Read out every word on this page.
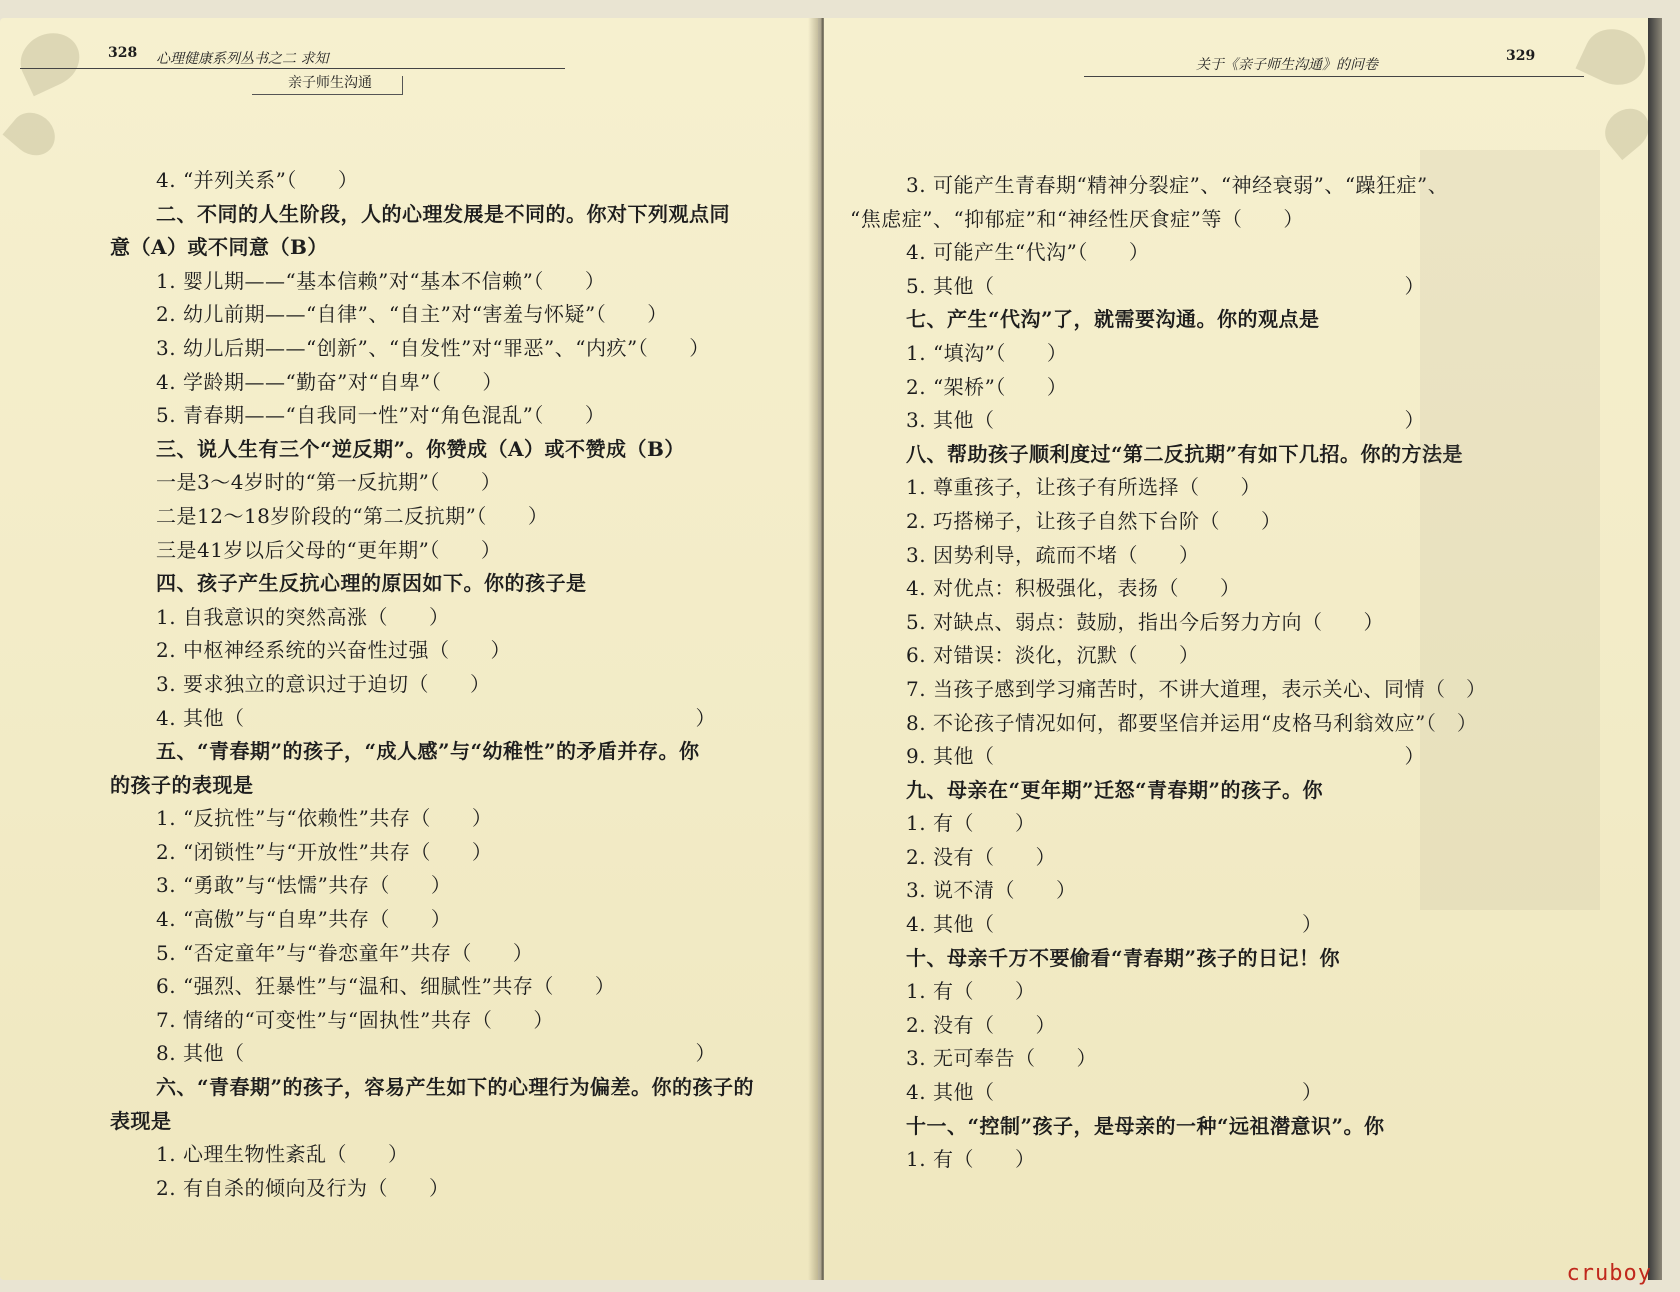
328 心理健康系列丛书之二 求知
亲子师生沟通
4. “并列关系”（　　）
二、不同的人生阶段，人的心理发展是不同的。你对下列观点同
意（A）或不同意（B）
1. 婴儿期——“基本信赖”对“基本不信赖”（　　）
2. 幼儿前期——“自律”、“自主”对“害羞与怀疑”（　　）
3. 幼儿后期——“创新”、“自发性”对“罪恶”、“内疚”（　　）
4. 学龄期——“勤奋”对“自卑”（　　）
5. 青春期——“自我同一性”对“角色混乱”（　　）
三、说人生有三个“逆反期”。你赞成（A）或不赞成（B）
一是3～4岁时的“第一反抗期”（　　）
二是12～18岁阶段的“第二反抗期”（　　）
三是41岁以后父母的“更年期”（　　）
四、孩子产生反抗心理的原因如下。你的孩子是
1. 自我意识的突然高涨（　　）
2. 中枢神经系统的兴奋性过强（　　）
3. 要求独立的意识过于迫切（　　）
4. 其他（　　　　　　　　　　　　　　　　　　　　　　）
五、“青春期”的孩子，“成人感”与“幼稚性”的矛盾并存。你
的孩子的表现是
1. “反抗性”与“依赖性”共存（　　）
2. “闭锁性”与“开放性”共存（　　）
3. “勇敢”与“怯懦”共存（　　）
4. “高傲”与“自卑”共存（　　）
5. “否定童年”与“眷恋童年”共存（　　）
6. “强烈、狂暴性”与“温和、细腻性”共存（　　）
7. 情绪的“可变性”与“固执性”共存（　　）
8. 其他（　　　　　　　　　　　　　　　　　　　　　　）
六、“青春期”的孩子，容易产生如下的心理行为偏差。你的孩子的
表现是
1. 心理生物性紊乱（　　）
2. 有自杀的倾向及行为（　　）
关于《亲子师生沟通》的问卷
329
3. 可能产生青春期“精神分裂症”、“神经衰弱”、“躁狂症”、
“焦虑症”、“抑郁症”和“神经性厌食症”等（　　）
4. 可能产生“代沟”（　　）
5. 其他（　　　　　　　　　　　　　　　　　　　　）
七、产生“代沟”了，就需要沟通。你的观点是
1. “填沟”（　　）
2. “架桥”（　　）
3. 其他（　　　　　　　　　　　　　　　　　　　　）
八、帮助孩子顺利度过“第二反抗期”有如下几招。你的方法是
1. 尊重孩子，让孩子有所选择（　　）
2. 巧搭梯子，让孩子自然下台阶（　　）
3. 因势利导，疏而不堵（　　）
4. 对优点：积极强化，表扬（　　）
5. 对缺点、弱点：鼓励，指出今后努力方向（　　）
6. 对错误：淡化，沉默（　　）
7. 当孩子感到学习痛苦时，不讲大道理，表示关心、同情（　）
8. 不论孩子情况如何，都要坚信并运用“皮格马利翁效应”（　）
9. 其他（　　　　　　　　　　　　　　　　　　　　）
九、母亲在“更年期”迁怒“青春期”的孩子。你
1. 有（　　）
2. 没有（　　）
3. 说不清（　　）
4. 其他（　　　　　　　　　　　　　　　）
十、母亲千万不要偷看“青春期”孩子的日记！你
1. 有（　　）
2. 没有（　　）
3. 无可奉告（　　）
4. 其他（　　　　　　　　　　　　　　　）
十一、“控制”孩子，是母亲的一种“远祖潜意识”。你
1. 有（　　）
cruboy
